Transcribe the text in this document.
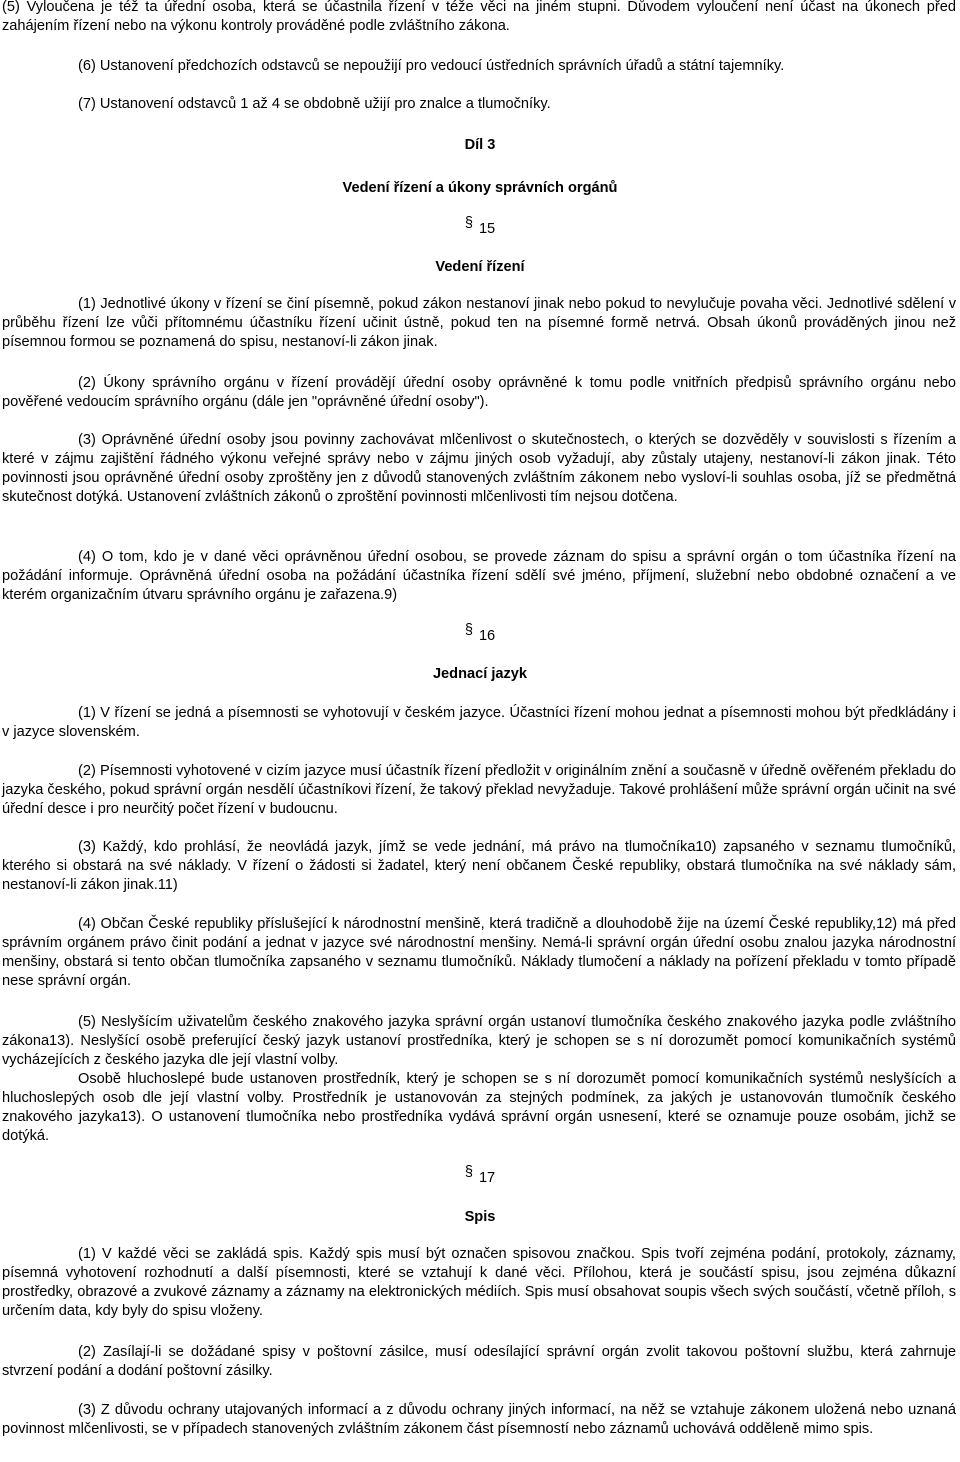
(5) Vyloučena je též ta úřední osoba, která se účastnila řízení v téže věci na jiném stupni. Důvodem vyloučení není účast na úkonech před zahájením řízení nebo na výkonu kontroly prováděné podle zvláštního zákona.

(6) Ustanovení předchozích odstavců se nepoužijí pro vedoucí ústředních správních úřadů a státní tajemníky.

(7) Ustanovení odstavců 1 až 4 se obdobně užijí pro znalce a tlumočníky.

Díl 3

Vedení řízení a úkony správních orgánů

§ 15

Vedení řízení

(1) Jednotlivé úkony v řízení se činí písemně, pokud zákon nestanoví jinak nebo pokud to nevylučuje povaha věci. Jednotlivé sdělení v průběhu řízení lze vůči přítomnému účastníku řízení učinit ústně, pokud ten na písemné formě netrvá. Obsah úkonů prováděných jinou než písemnou formou se poznamená do spisu, nestanoví-li zákon jinak.

(2) Úkony správního orgánu v řízení provádějí úřední osoby oprávněné k tomu podle vnitřních předpisů správního orgánu nebo pověřené vedoucím správního orgánu (dále jen "oprávněné úřední osoby").

(3) Oprávněné úřední osoby jsou povinny zachovávat mlčenlivost o skutečnostech, o kterých se dozvěděly v souvislosti s řízením a které v zájmu zajištění řádného výkonu veřejné správy nebo v zájmu jiných osob vyžadují, aby zůstaly utajeny, nestanoví-li zákon jinak. Této povinnosti jsou oprávněné úřední osoby zproštěny jen z důvodů stanovených zvláštním zákonem nebo vysloví-li souhlas osoba, jíž se předmětná skutečnost dotýká. Ustanovení zvláštních zákonů o zproštění povinnosti mlčenlivosti tím nejsou dotčena.

(4) O tom, kdo je v dané věci oprávněnou úřední osobou, se provede záznam do spisu a správní orgán o tom účastníka řízení na požádání informuje. Oprávněná úřední osoba na požádání účastníka řízení sdělí své jméno, příjmení, služební nebo obdobné označení a ve kterém organizačním útvaru správního orgánu je zařazena.9)

§ 16

Jednací jazyk

(1) V řízení se jedná a písemnosti se vyhotovují v českém jazyce. Účastníci řízení mohou jednat a písemnosti mohou být předkládány i v jazyce slovenském.

(2) Písemnosti vyhotovené v cizím jazyce musí účastník řízení předložit v originálním znění a současně v úředně ověřeném překladu do jazyka českého, pokud správní orgán nesdělí účastníkovi řízení, že takový překlad nevyžaduje. Takové prohlášení může správní orgán učinit na své úřední desce i pro neurčitý počet řízení v budoucnu.

(3) Každý, kdo prohlásí, že neovládá jazyk, jímž se vede jednání, má právo na tlumočníka10) zapsaného v seznamu tlumočníků, kterého si obstará na své náklady. V řízení o žádosti si žadatel, který není občanem České republiky, obstará tlumočníka na své náklady sám, nestanoví-li zákon jinak.11)

(4) Občan České republiky příslušející k národnostní menšině, která tradičně a dlouhodobě žije na území České republiky,12) má před správním orgánem právo činit podání a jednat v jazyce své národnostní menšiny. Nemá-li správní orgán úřední osobu znalou jazyka národnostní menšiny, obstará si tento občan tlumočníka zapsaného v seznamu tlumočníků. Náklady tlumočení a náklady na pořízení překladu v tomto případě nese správní orgán.

(5) Neslyšícím uživatelům českého znakového jazyka správní orgán ustanoví tlumočníka českého znakového jazyka podle zvláštního zákona13). Neslyšící osobě preferující český jazyk ustanoví prostředníka, který je schopen se s ní dorozumět pomocí komunikačních systémů vycházejících z českého jazyka dle její vlastní volby.

Osobě hluchoslepé bude ustanoven prostředník, který je schopen se s ní dorozumět pomocí komunikačních systémů neslyšících a hluchoslepých osob dle její vlastní volby. Prostředník je ustanovován za stejných podmínek, za jakých je ustanovován tlumočník českého znakového jazyka13). O ustanovení tlumočníka nebo prostředníka vydává správní orgán usnesení, které se oznamuje pouze osobám, jichž se dotýká.

§ 17

Spis

(1) V každé věci se zakládá spis. Každý spis musí být označen spisovou značkou. Spis tvoří zejména podání, protokoly, záznamy, písemná vyhotovení rozhodnutí a další písemnosti, které se vztahují k dané věci. Přílohou, která je součástí spisu, jsou zejména důkazní prostředky, obrazové a zvukové záznamy a záznamy na elektronických médiích. Spis musí obsahovat soupis všech svých součástí, včetně příloh, s určením data, kdy byly do spisu vloženy.

(2) Zasílají-li se dožádané spisy v poštovní zásilce, musí odesílající správní orgán zvolit takovou poštovní službu, která zahrnuje stvrzení podání a dodání poštovní zásilky.

(3) Z důvodu ochrany utajovaných informací a z důvodu ochrany jiných informací, na něž se vztahuje zákonem uložená nebo uznaná povinnost mlčenlivosti, se v případech stanovených zvláštním zákonem část písemností nebo záznamů uchovává odděleně mimo spis.
